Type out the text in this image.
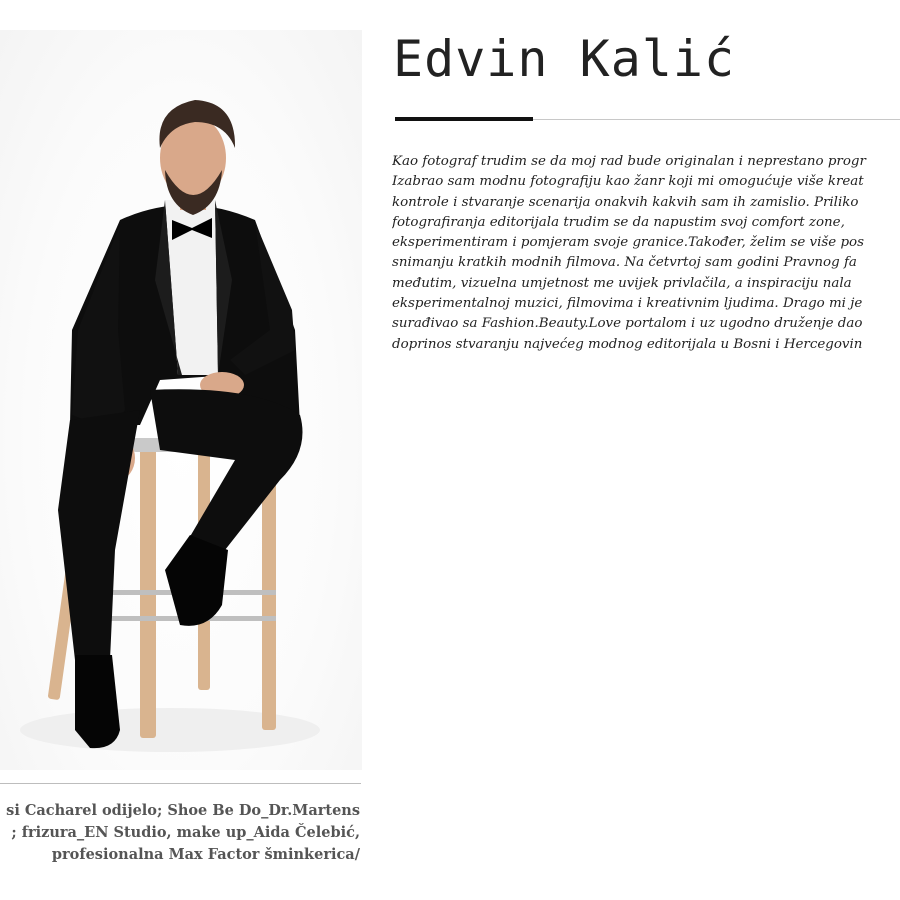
si Cacharel odijelo; Shoe Be Do_Dr.Martens
; frizura_EN Studio, make up_Aida Čelebić,
profesionalna Max Factor šminkerica/
Edvin Kalić
Kao fotograf trudim se da moj rad bude originalan i neprestano progr
Izabrao sam modnu fotografiju kao žanr koji mi omogućuje više kreat
kontrole i stvaranje scenarija onakvih kakvih sam ih zamislio. Priliko
fotografiranja editorijala trudim se da napustim svoj comfort zone,
eksperimentiram i pomjeram svoje granice.Također, želim se više pos
snimanju kratkih modnih filmova. Na četvrtoj sam godini Pravnog fa
međutim, vizuelna umjetnost me uvijek privlačila, a inspiraciju nala
eksperimentalnoj muzici, filmovima i kreativnim ljudima. Drago mi je
surađivao sa Fashion.Beauty.Love portalom i uz ugodno druženje dao
doprinos stvaranju najvećeg modnog editorijala u Bosni i Hercegovin
